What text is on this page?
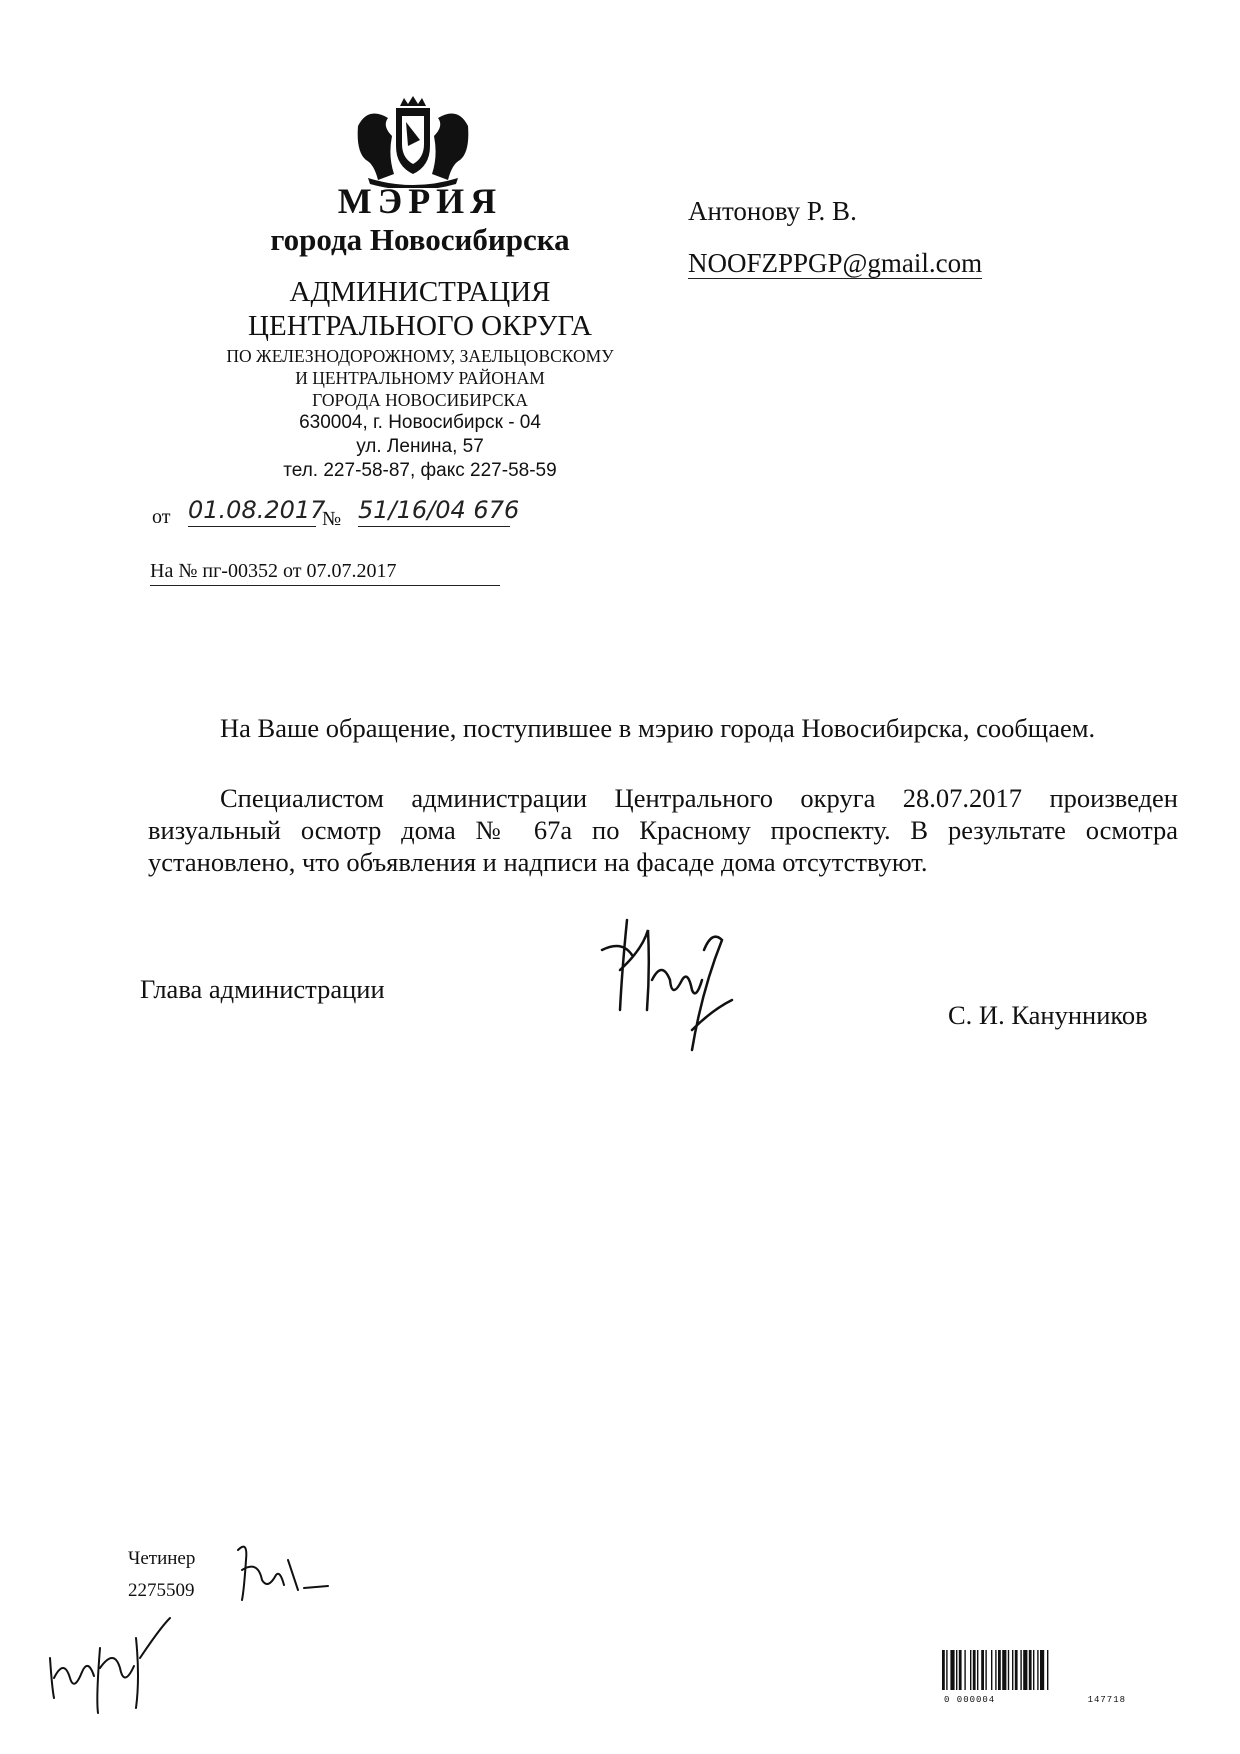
МЭРИЯ
города Новосибирска
АДМИНИСТРАЦИЯ
ЦЕНТРАЛЬНОГО ОКРУГА
ПО ЖЕЛЕЗНОДОРОЖНОМУ, ЗАЕЛЬЦОВСКОМУ
И ЦЕНТРАЛЬНОМУ РАЙОНАМ
ГОРОДА НОВОСИБИРСКА
630004, г. Новосибирск - 04
ул. Ленина, 57
тел. 227-58-87, факс 227-58-59
от 01.08.2017
№ 51/16/04 676
На № пг-00352 от 07.07.2017
Антонову Р. В.
NOOFZPPGP@gmail.com
На Ваше обращение, поступившее в мэрию города Новосибирска, сообщаем.
Специалистом администрации Центрального округа 28.07.2017 произведен визуальный осмотр дома № 67а по Красному проспекту. В результате осмотра установлено, что объявления и надписи на фасаде дома отсутствуют.
Глава администрации
С. И. Канунников
Четинер
2275509
0 000004	147718
